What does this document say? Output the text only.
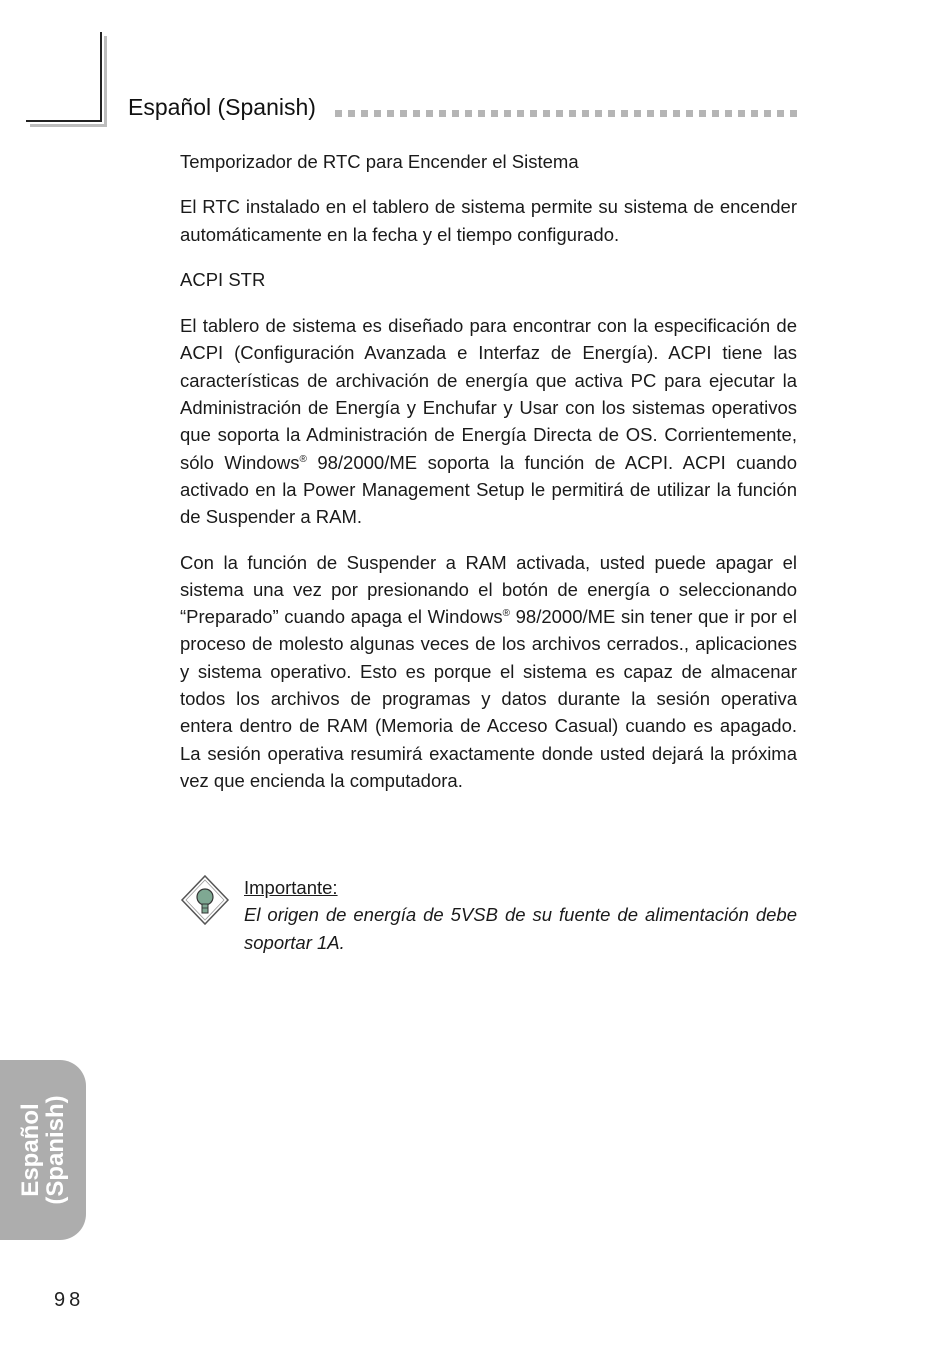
Español (Spanish)
Temporizador de RTC para Encender el Sistema

El RTC instalado en el tablero de sistema permite su sistema de encender automáticamente en la fecha y el tiempo configurado.

ACPI STR

El tablero de sistema es diseñado para encontrar con la especificación de ACPI (Configuración Avanzada e Interfaz de Energía). ACPI tiene las características de archivación de energía que activa PC para ejecutar la Administración de Energía y Enchufar y Usar con los sistemas operativos que soporta la Administración de Energía Directa de OS. Corrientemente, sólo Windows® 98/2000/ME soporta la función de ACPI. ACPI cuando activado en la Power Management Setup le permitirá de utilizar la función de Suspender a RAM.

Con la función de Suspender a RAM activada, usted puede apagar el sistema una vez por presionando el botón de energía o seleccionando “Preparado” cuando apaga el Windows® 98/2000/ME sin tener que ir por el proceso de molesto algunas veces de los archivos cerrados., aplicaciones y sistema operativo. Esto es porque el sistema es capaz de almacenar todos los archivos de programas y datos durante la sesión operativa entera dentro de RAM (Memoria de Acceso Casual) cuando es apagado. La sesión operativa resumirá exactamente donde usted dejará la próxima vez que encienda la computadora.

Importante:

El origen de energía de 5VSB de su fuente de alimentación debe soportar 1A.

Español
(Spanish)
98
